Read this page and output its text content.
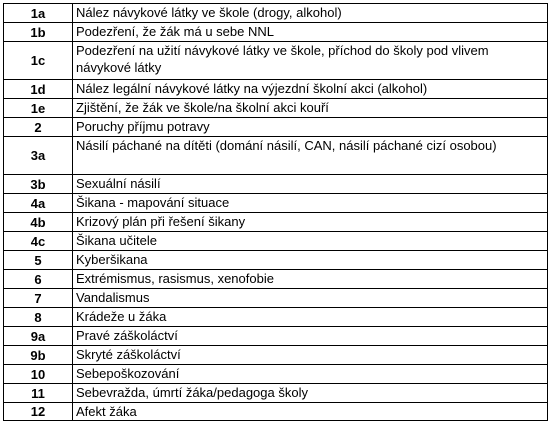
1a	Nález návykové látky ve škole (drogy, alkohol)
1b	Podezření, že žák má u sebe NNL
1c	Podezření na užití návykové látky ve škole, příchod do školy pod vlivem návykové látky
1d	Nález legální návykové látky na výjezdní školní akci (alkohol)
1e	Zjištění, že žák ve škole/na školní akci kouří
2	Poruchy příjmu potravy
3a	Násilí páchané na dítěti (domání násilí, CAN, násilí páchané cizí osobou)
3b	Sexuální násilí
4a	Šikana - mapování situace
4b	Krizový plán při řešení šikany
4c	Šikana učitele
5	Kyberšikana
6	Extrémismus, rasismus, xenofobie
7	Vandalismus
8	Krádeže u žáka
9a	Pravé záškoláctví
9b	Skryté záškoláctví
10	Sebepoškozování
11	Sebevražda, úmrtí žáka/pedagoga školy
12	Afekt žáka
